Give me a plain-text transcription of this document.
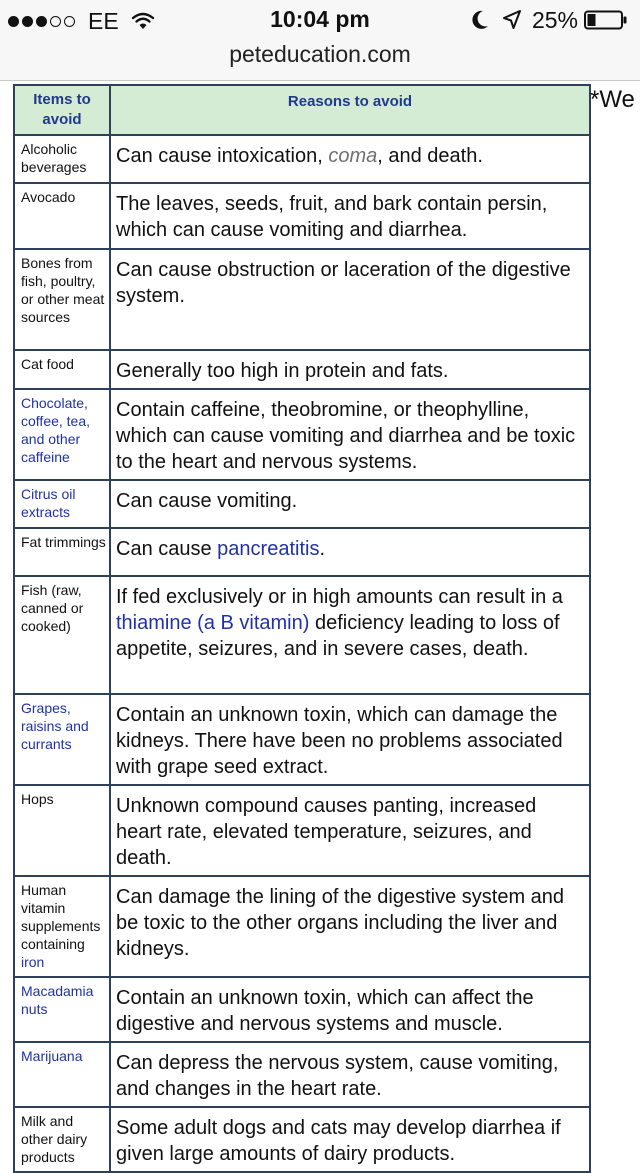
EE	10:04 pm	25%
peteducation.com
Items to avoid	Reasons to avoid
Alcoholic beverages	Can cause intoxication, coma, and death.
Avocado	The leaves, seeds, fruit, and bark contain persin, which can cause vomiting and diarrhea.
Bones from fish, poultry, or other meat sources	Can cause obstruction or laceration of the digestive system.
Cat food	Generally too high in protein and fats.
Chocolate, coffee, tea, and other caffeine	Contain caffeine, theobromine, or theophylline, which can cause vomiting and diarrhea and be toxic to the heart and nervous systems.
Citrus oil extracts	Can cause vomiting.
Fat trimmings	Can cause pancreatitis.
Fish (raw, canned or cooked)	If fed exclusively or in high amounts can result in a thiamine (a B vitamin) deficiency leading to loss of appetite, seizures, and in severe cases, death.
Grapes, raisins and currants	Contain an unknown toxin, which can damage the kidneys. There have been no problems associated with grape seed extract.
Hops	Unknown compound causes panting, increased heart rate, elevated temperature, seizures, and death.
Human vitamin supplements containing iron	Can damage the lining of the digestive system and be toxic to the other organs including the liver and kidneys.
Macadamia nuts	Contain an unknown toxin, which can affect the digestive and nervous systems and muscle.
Marijuana	Can depress the nervous system, cause vomiting, and changes in the heart rate.
Milk and other dairy products	Some adult dogs and cats may develop diarrhea if given large amounts of dairy products.
*We
